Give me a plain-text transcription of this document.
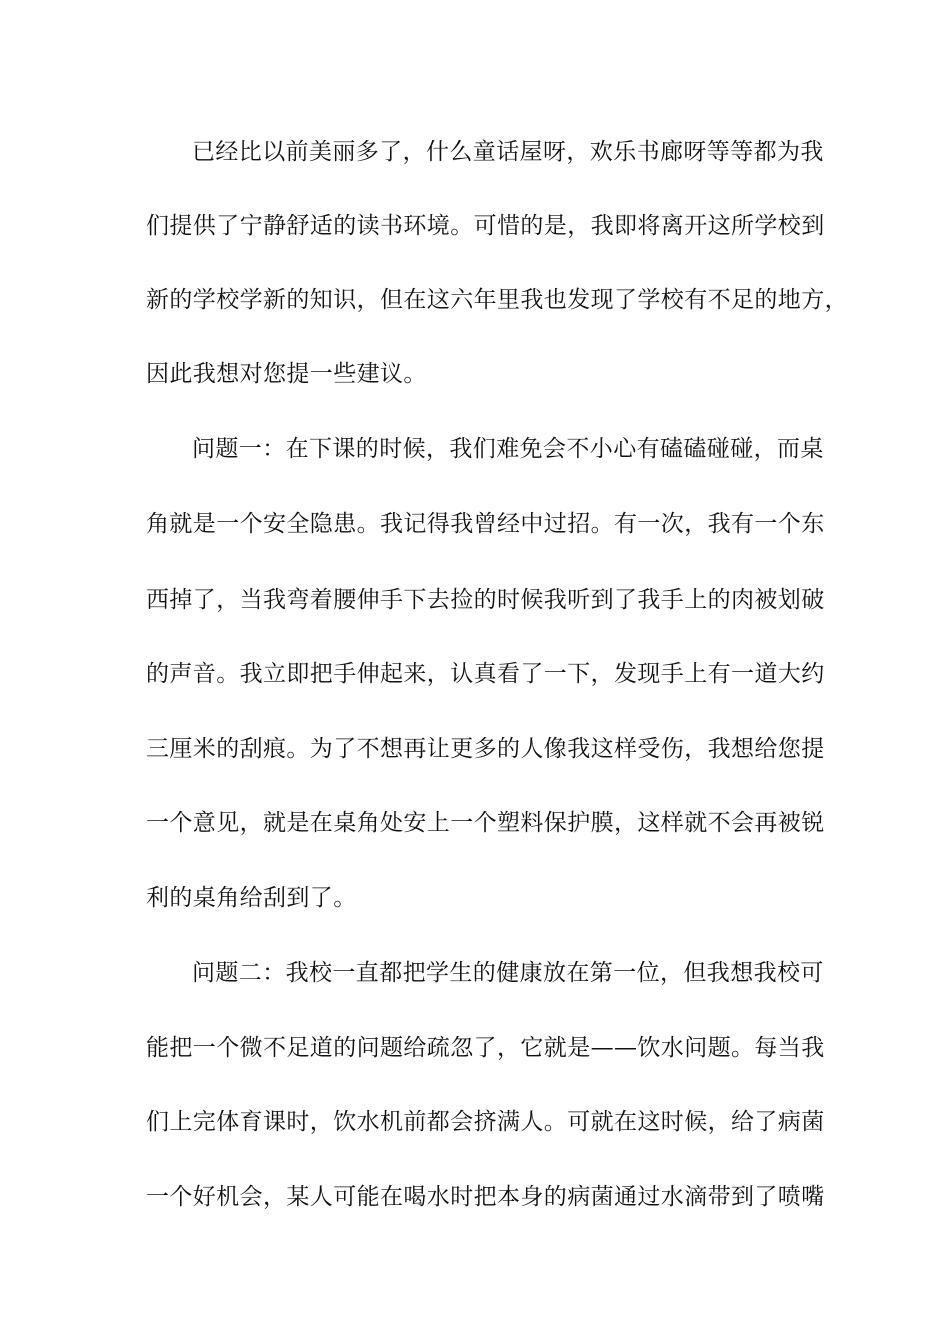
已经比以前美丽多了，什么童话屋呀，欢乐书廊呀等等都为我
们提供了宁静舒适的读书环境。可惜的是，我即将离开这所学校到
新的学校学新的知识，但在这六年里我也发现了学校有不足的地方，
因此我想对您提一些建议。
问题一：在下课的时候，我们难免会不小心有磕磕碰碰，而桌
角就是一个安全隐患。我记得我曾经中过招。有一次，我有一个东
西掉了，当我弯着腰伸手下去捡的时候我听到了我手上的肉被划破
的声音。我立即把手伸起来，认真看了一下，发现手上有一道大约
三厘米的刮痕。为了不想再让更多的人像我这样受伤，我想给您提
一个意见，就是在桌角处安上一个塑料保护膜，这样就不会再被锐
利的桌角给刮到了。
问题二：我校一直都把学生的健康放在第一位，但我想我校可
能把一个微不足道的问题给疏忽了，它就是——饮水问题。每当我
们上完体育课时，饮水机前都会挤满人。可就在这时候，给了病菌
一个好机会，某人可能在喝水时把本身的病菌通过水滴带到了喷嘴
